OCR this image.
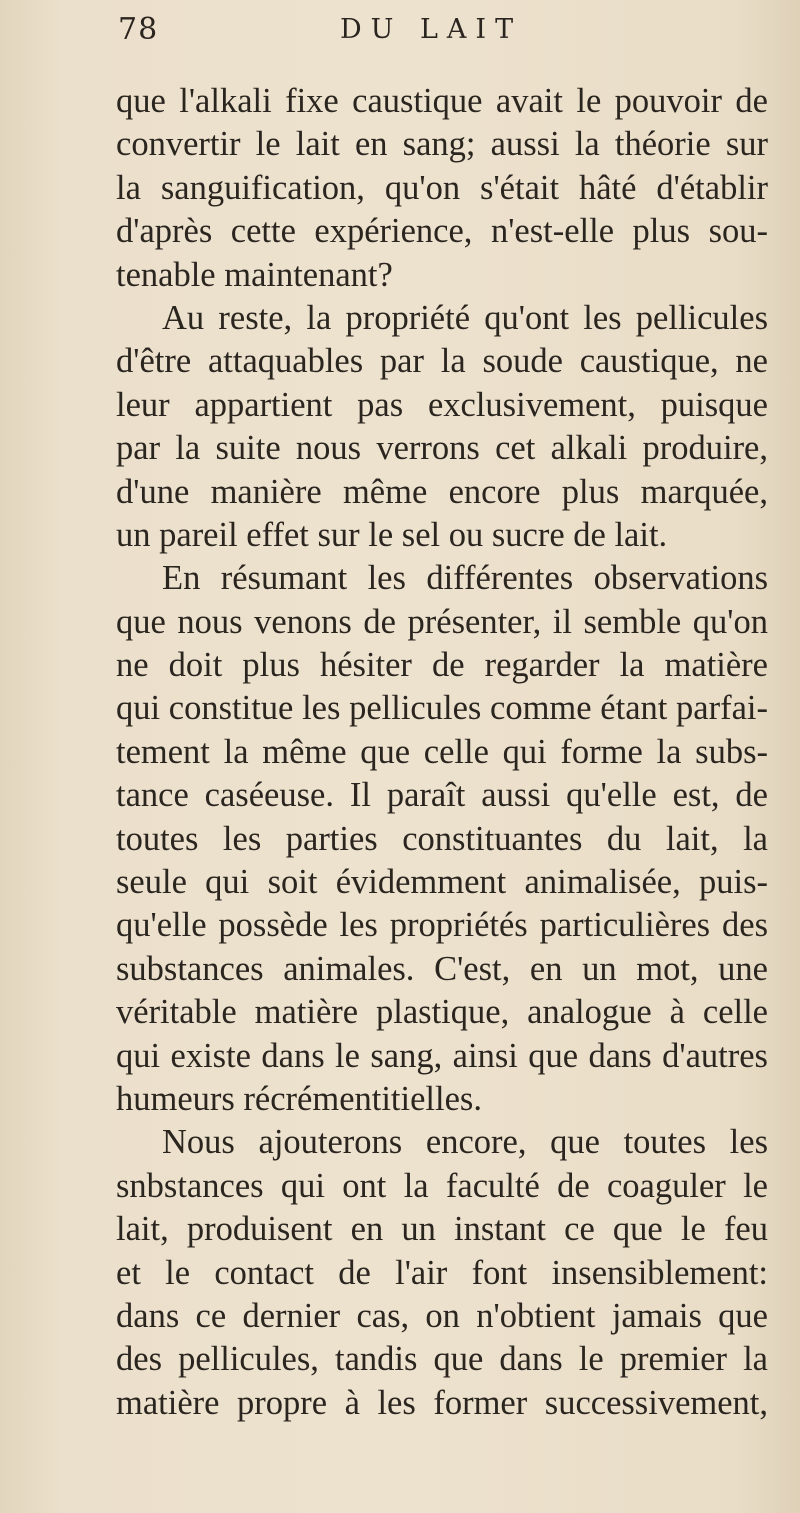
78	DU LAIT
que l'alkali fixe caustique avait le pouvoir de
convertir le lait en sang; aussi la théorie sur
la sanguification, qu'on s'était hâté d'établir
d'après cette expérience, n'est-elle plus sou-
tenable maintenant?
Au reste, la propriété qu'ont les pellicules
d'être attaquables par la soude caustique, ne
leur appartient pas exclusivement, puisque
par la suite nous verrons cet alkali produire,
d'une manière même encore plus marquée,
un pareil effet sur le sel ou sucre de lait.
En résumant les différentes observations
que nous venons de présenter, il semble qu'on
ne doit plus hésiter de regarder la matière
qui constitue les pellicules comme étant parfai-
tement la même que celle qui forme la subs-
tance caséeuse. Il paraît aussi qu'elle est, de
toutes les parties constituantes du lait, la
seule qui soit évidemment animalisée, puis-
qu'elle possède les propriétés particulières des
substances animales. C'est, en un mot, une
véritable matière plastique, analogue à celle
qui existe dans le sang, ainsi que dans d'autres
humeurs récrémentitielles.
Nous ajouterons encore, que toutes les
snbstances qui ont la faculté de coaguler le
lait, produisent en un instant ce que le feu
et le contact de l'air font insensiblement:
dans ce dernier cas, on n'obtient jamais que
des pellicules, tandis que dans le premier la
matière propre à les former successivement,
